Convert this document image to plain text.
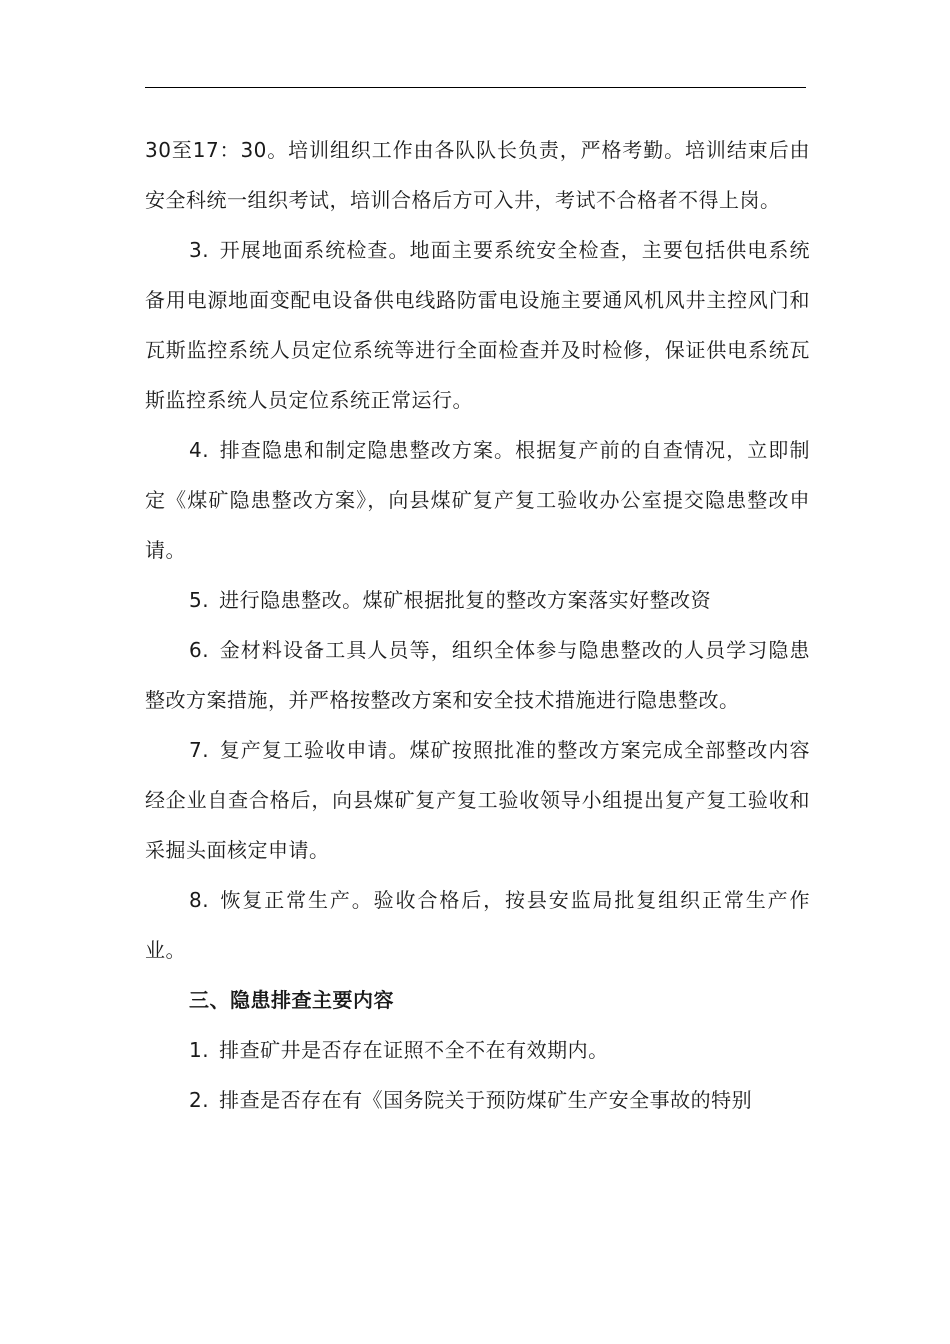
30至17：30。培训组织工作由各队队长负责，严格考勤。培训结束后由安全科统一组织考试，培训合格后方可入井，考试不合格者不得上岗。

3. 开展地面系统检查。地面主要系统安全检查，主要包括供电系统备用电源地面变配电设备供电线路防雷电设施主要通风机风井主控风门和瓦斯监控系统人员定位系统等进行全面检查并及时检修，保证供电系统瓦斯监控系统人员定位系统正常运行。

4. 排查隐患和制定隐患整改方案。根据复产前的自查情况，立即制定《煤矿隐患整改方案》，向县煤矿复产复工验收办公室提交隐患整改申请。

5. 进行隐患整改。煤矿根据批复的整改方案落实好整改资

6. 金材料设备工具人员等，组织全体参与隐患整改的人员学习隐患整改方案措施，并严格按整改方案和安全技术措施进行隐患整改。

7. 复产复工验收申请。煤矿按照批准的整改方案完成全部整改内容经企业自查合格后，向县煤矿复产复工验收领导小组提出复产复工验收和采掘头面核定申请。

8. 恢复正常生产。验收合格后，按县安监局批复组织正常生产作业。

三、隐患排查主要内容

1. 排查矿井是否存在证照不全不在有效期内。

2. 排查是否存在有《国务院关于预防煤矿生产安全事故的特别
